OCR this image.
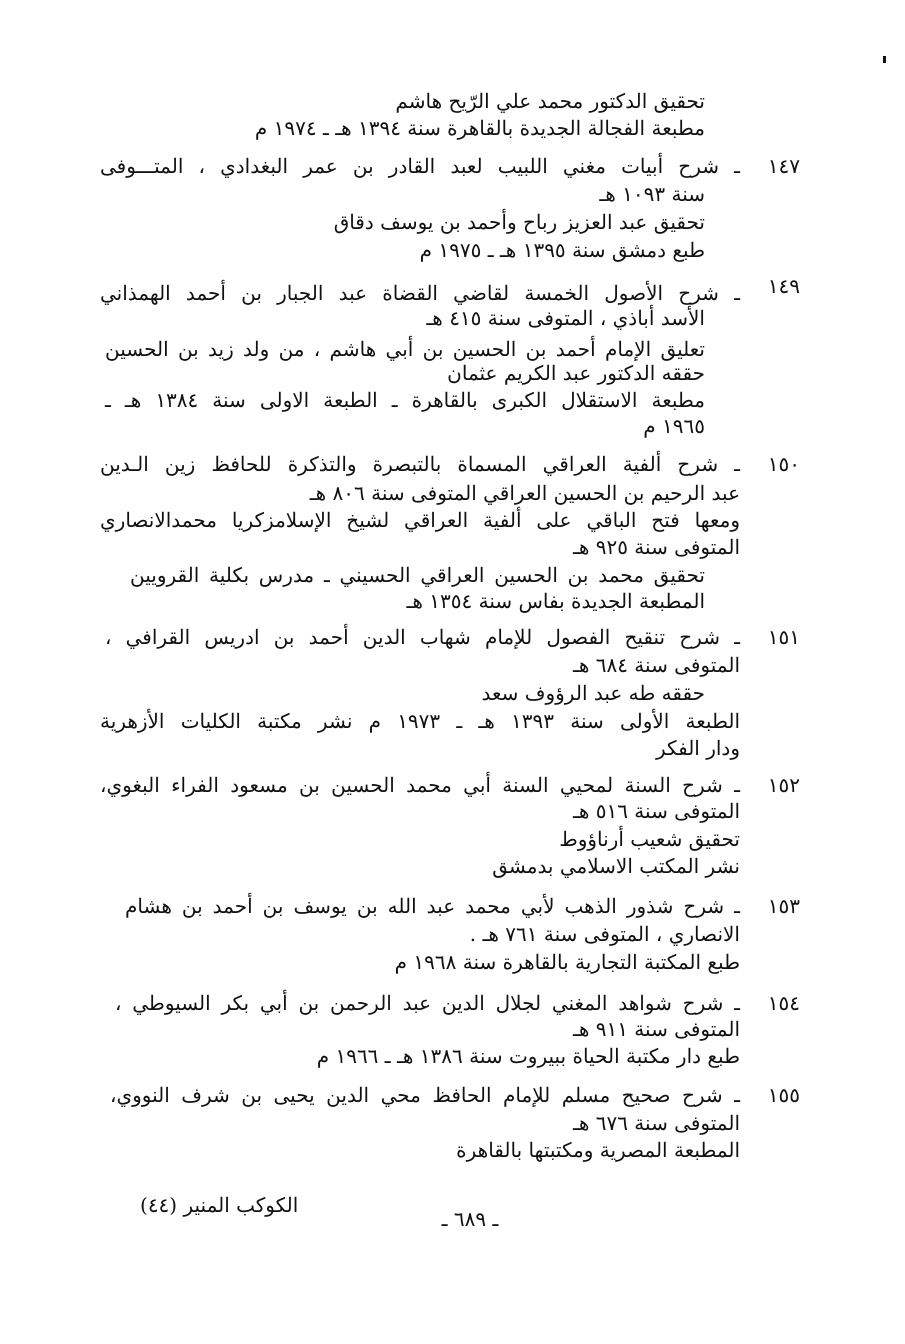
تحقيق الدكتور محمد علي الرّيح هاشم
مطبعة الفجالة الجديدة بالقاهرة سنة ١٣٩٤ هـ ـ ١٩٧٤ م
١٤٧
ـ شرح أبيات مغني اللبيب لعبد القادر بن عمر البغدادي ، المتـــوفى
سنة ١٠٩٣ هـ
تحقيق عبد العزيز رباح وأحمد بن يوسف دقاق
طبع دمشق سنة ١٣٩٥ هـ ـ ١٩٧٥ م
١٤٩
ـ شرح الأصول الخمسة لقاضي القضاة عبد الجبار بن أحمد الهمذاني
الأسد أباذي ، المتوفى سنة ٤١٥ هـ
تعليق الإمام أحمد بن الحسين بن أبي هاشم ، من ولد زيد بن الحسين
حققه الدكتور عبد الكريم عثمان
مطبعة الاستقلال الكبرى بالقاهرة ـ الطبعة الاولى سنة ١٣٨٤ هـ ـ
١٩٦٥ م
١٥٠
ـ شرح ألفية العراقي المسماة بالتبصرة والتذكرة للحافظ زين الـدين
عبد الرحيم بن الحسين العراقي المتوفى سنة ٨٠٦ هـ
ومعها فتح الباقي على ألفية العراقي لشيخ الإسلامزكريا محمدالانصاري
المتوفى سنة ٩٢٥ هـ
تحقيق محمد بن الحسين العراقي الحسيني ـ مدرس بكلية القرويين
المطبعة الجديدة بفاس سنة ١٣٥٤ هـ
١٥١
ـ شرح تنقيح الفصول للإمام شهاب الدين أحمد بن ادريس القرافي ،
المتوفى سنة ٦٨٤ هـ
حققه طه عبد الرؤوف سعد
الطبعة الأولى سنة ١٣٩٣ هـ ـ ١٩٧٣ م نشر مكتبة الكليات الأزهرية
ودار الفكر
١٥٢
ـ شرح السنة لمحيي السنة أبي محمد الحسين بن مسعود الفراء البغوي،
المتوفى سنة ٥١٦ هـ
تحقيق شعيب أرناؤوط
نشر المكتب الاسلامي بدمشق
١٥٣
ـ شرح شذور الذهب لأبي محمد عبد الله بن يوسف بن أحمد بن هشام
الانصاري ، المتوفى سنة ٧٦١ هـ .
طبع المكتبة التجارية بالقاهرة سنة ١٩٦٨ م
١٥٤
ـ شرح شواهد المغني لجلال الدين عبد الرحمن بن أبي بكر السيوطي ،
المتوفى سنة ٩١١ هـ
طبع دار مكتبة الحياة ببيروت سنة ١٣٨٦ هـ ـ ١٩٦٦ م
١٥٥
ـ شرح صحيح مسلم للإمام الحافظ محي الدين يحيى بن شرف النووي،
المتوفى سنة ٦٧٦ هـ
المطبعة المصرية ومكتبتها بالقاهرة
الكوكب المنير (٤٤)
ـ ٦٨٩ ـ
